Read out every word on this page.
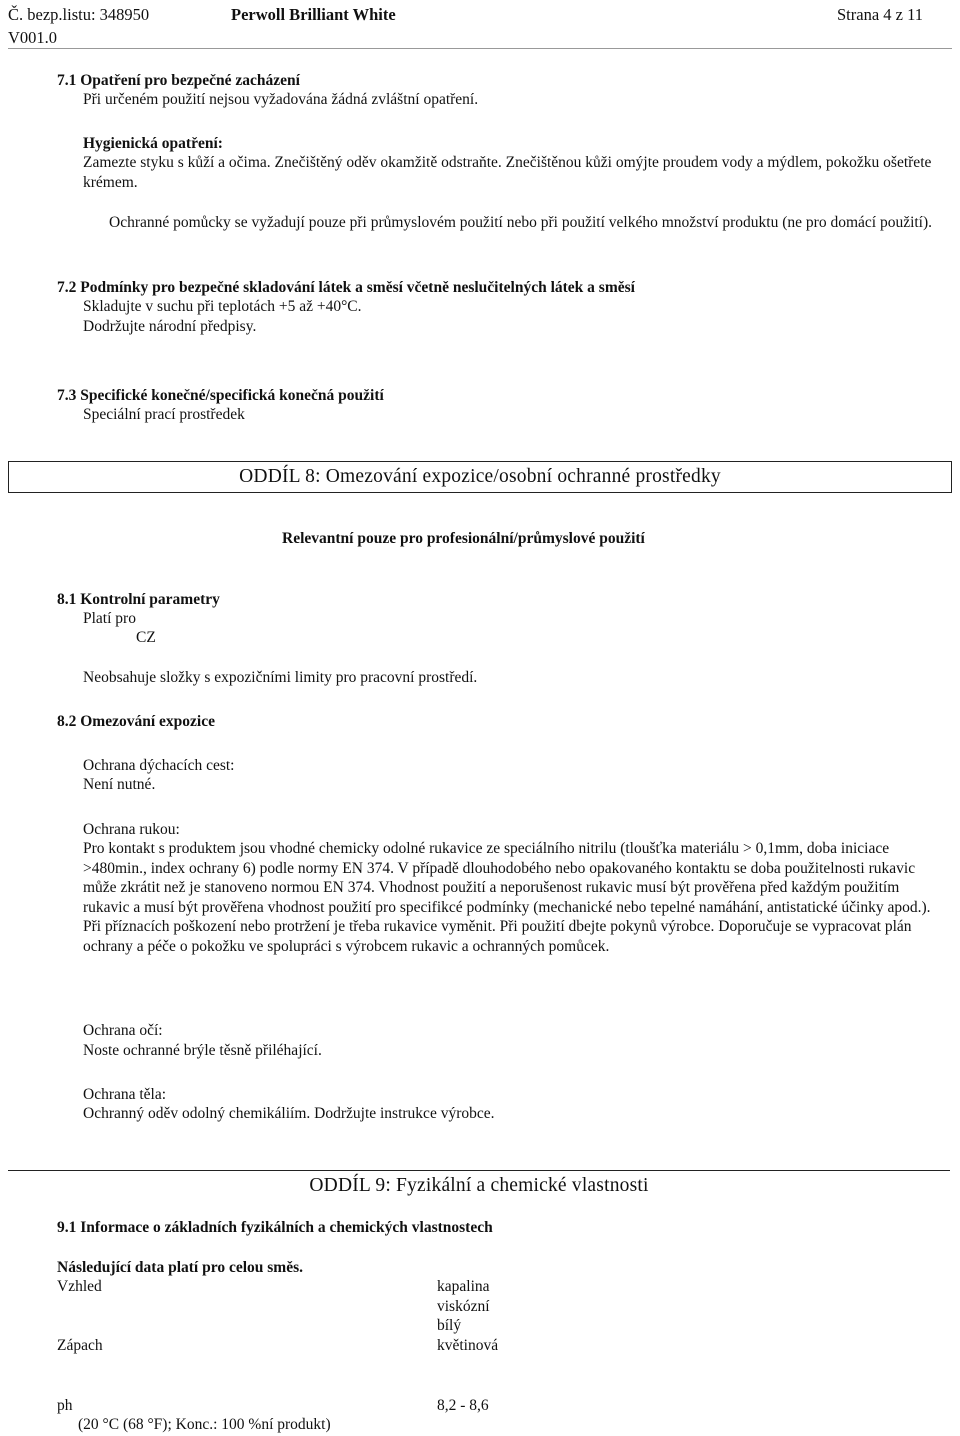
Č. bezp.listu: 348950	Perwoll Brilliant White	Strana 4 z 11
V001.0
7.1 Opatření pro bezpečné zacházení
Při určeném použití nejsou vyžadována žádná zvláštní opatření.
Hygienická opatření:
Zamezte styku s kůží a očima. Znečištěný oděv okamžitě odstraňte. Znečištěnou kůži omýjte proudem vody a mýdlem, pokožku ošetřete krémem.
Ochranné pomůcky se vyžadují pouze při průmyslovém použití nebo při použití velkého množství produktu (ne pro domácí použití).
7.2 Podmínky pro bezpečné skladování látek a směsí včetně neslučitelných látek a směsí
Skladujte v suchu při teplotách +5 až +40°C.
Dodržujte národní předpisy.
7.3 Specifické konečné/specifická konečná použití
Speciální prací prostředek
ODDÍL 8: Omezování expozice/osobní ochranné prostředky
Relevantní pouze pro profesionální/průmyslové použití
8.1 Kontrolní parametry
Platí pro
CZ
Neobsahuje složky s expozičními limity pro pracovní prostředí.
8.2 Omezování expozice
Ochrana dýchacích cest:
Není nutné.
Ochrana rukou:
Pro kontakt s produktem jsou vhodné chemicky odolné rukavice ze speciálního nitrilu (tloušťka materiálu > 0,1mm, doba iniciace >480min., index ochrany 6) podle normy EN 374. V případě dlouhodobého nebo opakovaného kontaktu se doba použitelnosti rukavic může zkrátit než je stanoveno normou EN 374. Vhodnost použití a neporušenost rukavic musí být prověřena před každým použitím rukavic a musí být prověřena vhodnost použití pro specifikcé podmínky (mechanické nebo tepelné namáhání, antistatické účinky apod.). Při příznacích poškození nebo protržení je třeba rukavice vyměnit. Při použití dbejte pokynů výrobce. Doporučuje se vypracovat plán ochrany a péče o pokožku ve spolupráci s výrobcem rukavic a ochranných pomůcek.
Ochrana očí:
Noste ochranné brýle těsně přiléhající.
Ochrana těla:
Ochranný oděv odolný chemikáliím. Dodržujte instrukce výrobce.
ODDÍL 9: Fyzikální a chemické vlastnosti
9.1 Informace o základních fyzikálních a chemických vlastnostech
Následující data platí pro celou směs.
Vzhled	kapalina
viskózní
bílý
Zápach	květinová
ph	8,2 - 8,6
(20 °C (68 °F); Konc.: 100 %ní produkt)
